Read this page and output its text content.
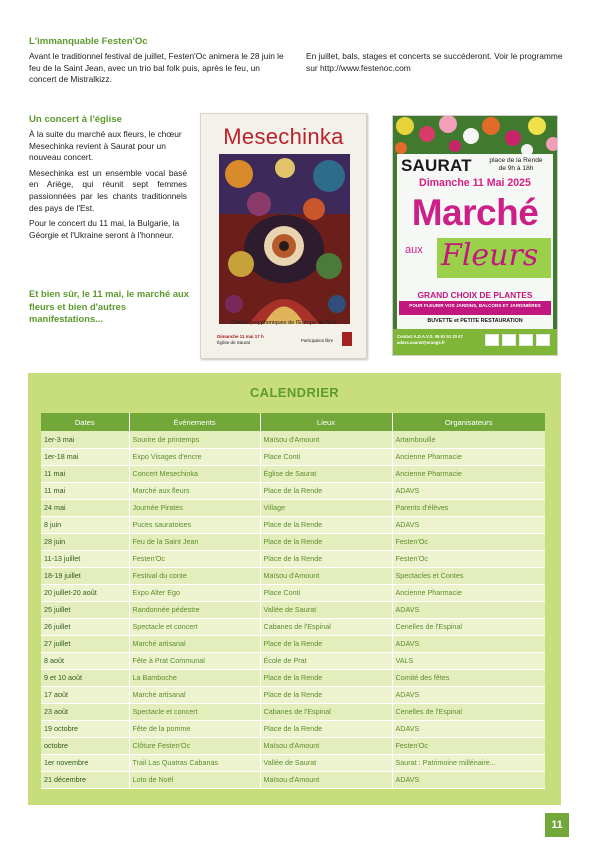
L'immanquable Festen'Oc

Avant le traditionnel festival de juillet, Festen'Oc animera le 28 juin le feu de la Saint Jean, avec un trio bal folk puis, après le feu, un concert de Mistralkizz.

En juillet, bals, stages et concerts se succéderont. Voir le programme sur http://www.festenoc.com

Un concert à l'église

À la suite du marché aux fleurs, le chœur Mesechinka revient à Saurat pour un nouveau concert.

Mesechinka est un ensemble vocal basé en Ariège, qui réunit sept femmes passionnées par les chants traditionnels des pays de l'Est.

Pour le concert du 11 mai, la Bulgarie, la Géorgie et l'Ukraine seront à l'honneur.

Et bien sûr, le 11 mai, le marché aux fleurs et bien d'autres manifestations...
Mesechinka
Chants polyphoniques de l'Europe de l'Est
Dimanche 11 mai 17 h
Église de Saurat	Participation libre
SAURAT	place de la Rende
de 9h à 18h
Dimanche 11 Mai 2025
Marché
aux Fleurs
GRAND CHOIX DE PLANTES
POUR FLEURIR VOS JARDINS, BALCONS ET JARDINIÈRES
BUVETTE et PETITE RESTAURATION
Contact A.D.A.V.S. 06 61 51 33 47
adavs.saurat@orange.fr
CALENDRIER
Dates	Événements	Lieux	Organisateurs
1er-3 mai	Sourire de printemps	Maïsou d'Amount	Artambouille
1er-18 mai	Expo Visages d'encre	Place Conti	Ancienne Pharmacie
11 mai	Concert Mesechinka	Église de Saurat	Ancienne Pharmacie
11 mai	Marché aux fleurs	Place de la Rende	ADAVS
24 mai	Journée Pirates	Village	Parents d'élèves
8 juin	Puces sauratoises	Place de la Rende	ADAVS
28 juin	Feu de la Saint Jean	Place de la Rende	Festen'Oc
11-13 juillet	Festen'Oc	Place de la Rende	Festen'Oc
18-19 juillet	Festival du conte	Maïsou d'Amount	Spectacles et Contes
20 juillet-20 août	Expo Alter Ego	Place Conti	Ancienne Pharmacie
25 juillet	Randonnée pédestre	Vallée de Saurat	ADAVS
26 juillet	Spectacle et concert	Cabanes de l'Espinal	Cenelles de l'Espinal
27 juillet	Marché artisanal	Place de la Rende	ADAVS
8 août	Fête à Prat Communal	École de Prat	VALS
9 et 10 août	La Bamboche	Place de la Rende	Comité des fêtes
17 août	Marché artisanal	Place de la Rende	ADAVS
23 août	Spectacle et concert	Cabanes de l'Espinal	Cenelles de l'Espinal
19 octobre	Fête de la pomme	Place de la Rende	ADAVS
octobre	Clôture Festen'Oc	Maïsou d'Amount	Festen'Oc
1er novembre	Trail Las Quatras Cabanas	Vallée de Saurat	Saurat : Patrimoine millénaire...
21 décembre	Loto de Noël	Maïsou d'Amount	ADAVS
11
